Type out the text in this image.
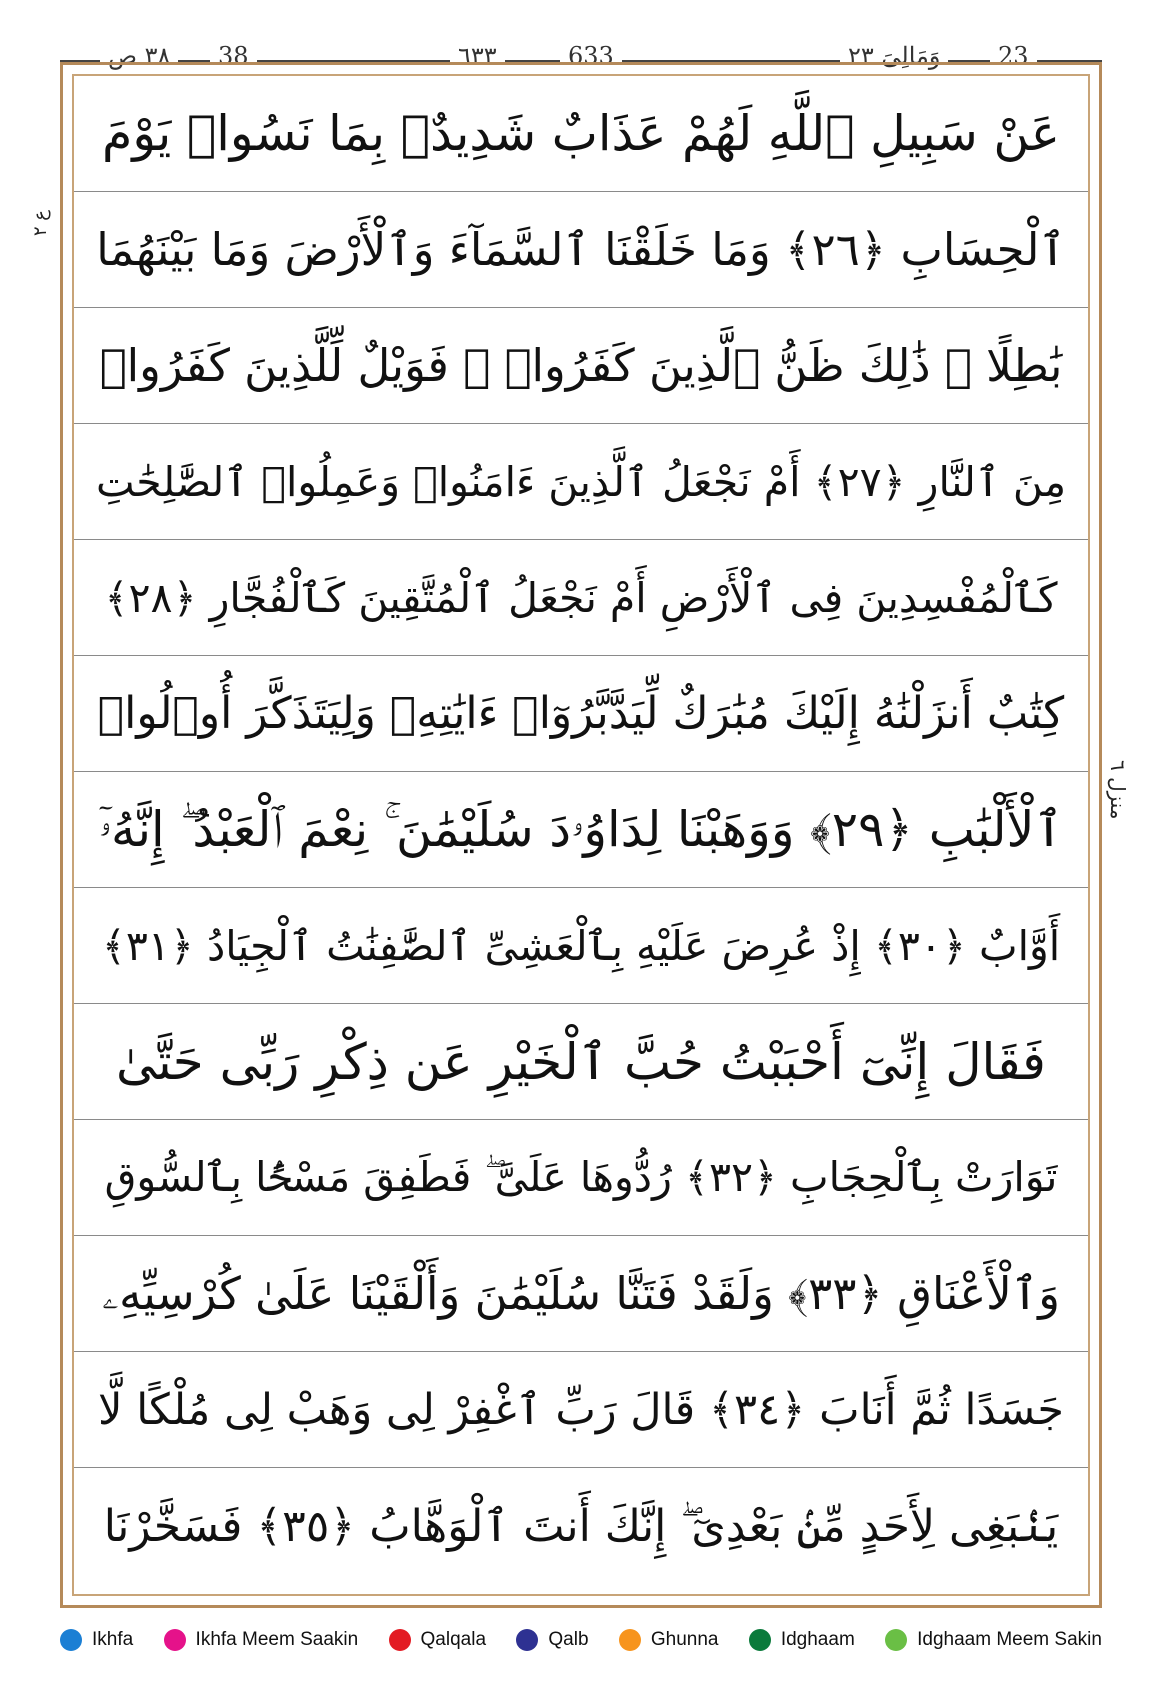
٣٨ ص	38	٦٣٣	633	وَمَالِیَ ٢٣	23
ع ٢
منزل ٦
عَنْ سَبِيلِ ٱللَّهِ لَهُمْ عَذَابٌ شَدِيدٌۢ بِمَا نَسُوا۟ يَوْمَ
ٱلْحِسَابِ ﴿٢٦﴾ وَمَا خَلَقْنَا ٱلسَّمَآءَ وَٱلْأَرْضَ وَمَا بَيْنَهُمَا
بَٰطِلًا ۚ ذَٰلِكَ ظَنُّ ٱلَّذِينَ كَفَرُوا۟ ۚ فَوَيْلٌ لِّلَّذِينَ كَفَرُوا۟
مِنَ ٱلنَّارِ ﴿٢٧﴾ أَمْ نَجْعَلُ ٱلَّذِينَ ءَامَنُوا۟ وَعَمِلُوا۟ ٱلصَّٰلِحَٰتِ
كَٱلْمُفْسِدِينَ فِى ٱلْأَرْضِ أَمْ نَجْعَلُ ٱلْمُتَّقِينَ كَٱلْفُجَّارِ ﴿٢٨﴾
كِتَٰبٌ أَنزَلْنَٰهُ إِلَيْكَ مُبَٰرَكٌ لِّيَدَّبَّرُوٓا۟ ءَايَٰتِهِۦ وَلِيَتَذَكَّرَ أُو۟لُوا۟
ٱلْأَلْبَٰبِ ﴿٢٩﴾ وَوَهَبْنَا لِدَاوُۥدَ سُلَيْمَٰنَ ۚ نِعْمَ ٱلْعَبْدُ ۖ إِنَّهُۥٓ
أَوَّابٌ ﴿٣٠﴾ إِذْ عُرِضَ عَلَيْهِ بِٱلْعَشِىِّ ٱلصَّٰفِنَٰتُ ٱلْجِيَادُ ﴿٣١﴾
فَقَالَ إِنِّىٓ أَحْبَبْتُ حُبَّ ٱلْخَيْرِ عَن ذِكْرِ رَبِّى حَتَّىٰ
تَوَارَتْ بِٱلْحِجَابِ ﴿٣٢﴾ رُدُّوهَا عَلَىَّ ۖ فَطَفِقَ مَسْحًۢا بِٱلسُّوقِ
وَٱلْأَعْنَاقِ ﴿٣٣﴾ وَلَقَدْ فَتَنَّا سُلَيْمَٰنَ وَأَلْقَيْنَا عَلَىٰ كُرْسِيِّهِۦ
جَسَدًا ثُمَّ أَنَابَ ﴿٣٤﴾ قَالَ رَبِّ ٱغْفِرْ لِى وَهَبْ لِى مُلْكًا لَّا
يَنۢبَغِى لِأَحَدٍ مِّنۢ بَعْدِىٓ ۖ إِنَّكَ أَنتَ ٱلْوَهَّابُ ﴿٣٥﴾ فَسَخَّرْنَا
Ikhfa	Ikhfa Meem Saakin	Qalqala	Qalb	Ghunna	Idghaam	Idghaam Meem Sakin
